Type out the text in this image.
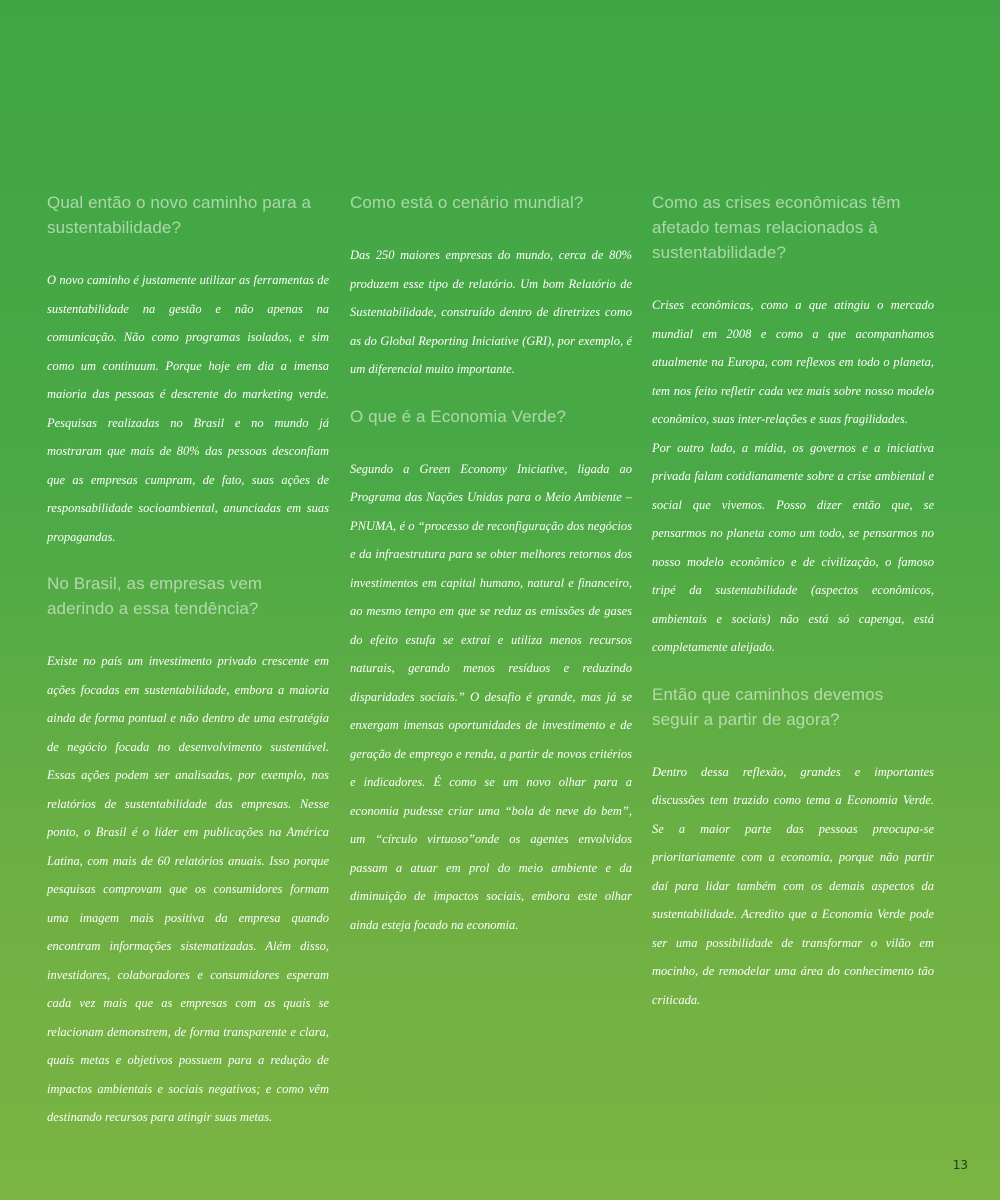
Qual então o novo caminho para a sustentabilidade?

O novo caminho é justamente utilizar as ferramentas de sustentabilidade na gestão e não apenas na comunicação. Não como programas isolados, e sim como um continuum. Porque hoje em dia a imensa maioria das pessoas é descrente do marketing verde. Pesquisas realizadas no Brasil e no mundo já mostraram que mais de 80% das pessoas desconfiam que as empresas cumpram, de fato, suas ações de responsabilidade socioambiental, anunciadas em suas propagandas.

No Brasil, as empresas vem aderindo a essa tendência?

Existe no país um investimento privado crescente em ações focadas em sustentabilidade, embora a maioria ainda de forma pontual e não dentro de uma estratégia de negócio focada no desenvolvimento sustentável. Essas ações podem ser analisadas, por exemplo, nos relatórios de sustentabilidade das empresas. Nesse ponto, o Brasil é o líder em publicações na América Latina, com mais de 60 relatórios anuais. Isso porque pesquisas comprovam que os consumidores formam uma imagem mais positiva da empresa quando encontram informações sistematizadas. Além disso, investidores, colaboradores e consumidores esperam cada vez mais que as empresas com as quais se relacionam demonstrem, de forma transparente e clara, quais metas e objetivos possuem para a redução de impactos ambientais e sociais negativos; e como vêm destinando recursos para atingir suas metas.

Como está o cenário mundial?

Das 250 maiores empresas do mundo, cerca de 80% produzem esse tipo de relatório. Um bom Relatório de Sustentabilidade, construído dentro de diretrizes como as do Global Reporting Iniciative (GRI), por exemplo, é um diferencial muito importante.

O que é a Economia Verde?

Segundo a Green Economy Iniciative, ligada ao Programa das Nações Unidas para o Meio Ambiente – PNUMA, é o “processo de reconfiguração dos negócios e da infraestrutura para se obter melhores retornos dos investimentos em capital humano, natural e financeiro, ao mesmo tempo em que se reduz as emissões de gases do efeito estufa se extrai e utiliza menos recursos naturais, gerando menos resíduos e reduzindo disparidades sociais.” O desafio é grande, mas já se enxergam imensas oportunidades de investimento e de geração de emprego e renda, a partir de novos critérios e indicadores. É como se um novo olhar para a economia pudesse criar uma “bola de neve do bem”, um “círculo virtuoso”onde os agentes envolvidos passam a atuar em prol do meio ambiente e da diminuição de impactos sociais, embora este olhar ainda esteja focado na economia.

Como as crises econômicas têm afetado temas relacionados à sustentabilidade?

Crises econômicas, como a que atingiu o mercado mundial em 2008 e como a que acompanhamos atualmente na Europa, com reflexos em todo o planeta, tem nos feito refletir cada vez mais sobre nosso modelo econômico, suas inter-relações e suas fragilidades.

Por outro lado, a mídia, os governos e a iniciativa privada falam cotidianamente sobre a crise ambiental e social que vivemos. Posso dizer então que, se pensarmos no planeta como um todo, se pensarmos no nosso modelo econômico e de civilização, o famoso tripé da sustentabilidade (aspectos econômicos, ambientais e sociais) não está só capenga, está completamente aleijado.

Então que caminhos devemos seguir a partir de agora?

Dentro dessa reflexão, grandes e importantes discussões tem trazido como tema a Economia Verde. Se a maior parte das pessoas preocupa-se prioritariamente com a economia, porque não partir daí para lidar também com os demais aspectos da sustentabilidade. Acredito que a Economia Verde pode ser uma possibilidade de transformar o vilão em mocinho, de remodelar uma área do conhecimento tão criticada.

13
